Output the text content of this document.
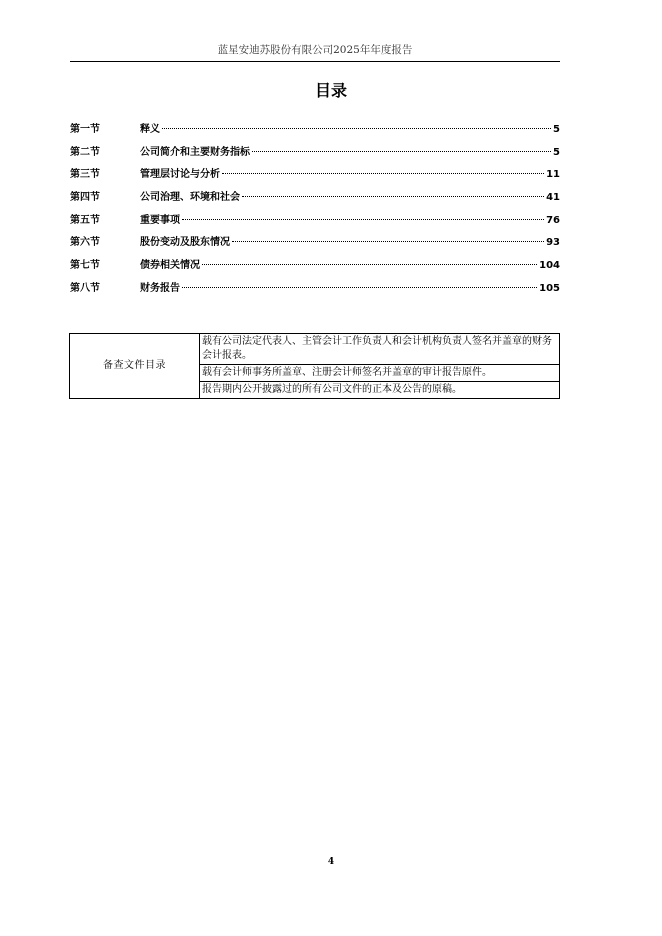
蓝星安迪苏股份有限公司2025年年度报告
目录
第一节	释义	5
第二节	公司简介和主要财务指标	5
第三节	管理层讨论与分析	11
第四节	公司治理、环境和社会	41
第五节	重要事项	76
第六节	股份变动及股东情况	93
第七节	债券相关情况	104
第八节	财务报告	105
备查文件目录	载有公司法定代表人、主管会计工作负责人和会计机构负责人签名并盖章的财务会计报表。
载有会计师事务所盖章、注册会计师签名并盖章的审计报告原件。
报告期内公开披露过的所有公司文件的正本及公告的原稿。
4
